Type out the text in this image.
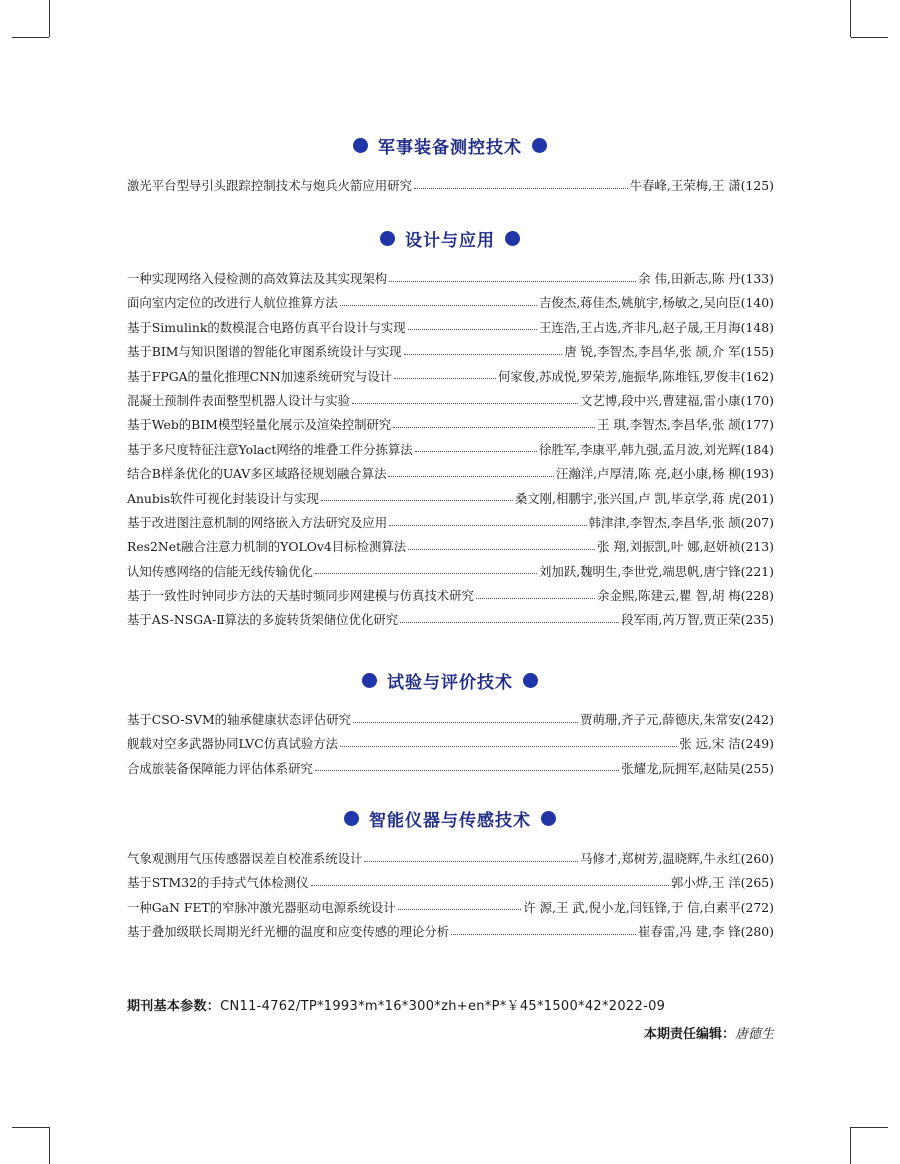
军事装备测控技术
激光平台型导引头跟踪控制技术与炮兵火箭应用研究	牛春峰,王荣梅,王 潇 (125)
设计与应用
一种实现网络入侵检测的高效算法及其实现架构	余 伟,田新志,陈 丹 (133)
面向室内定位的改进行人航位推算方法	吉俊杰,蒋佳杰,姚航宇,杨敏之,吴向臣 (140)
基于Simulink的数模混合电路仿真平台设计与实现	王连浩,王占选,齐非凡,赵子晟,王月海 (148)
基于BIM与知识图谱的智能化审图系统设计与实现	唐 锐,李智杰,李昌华,张 颉,介 军 (155)
基于FPGA的量化推理CNN加速系统研究与设计	何家俊,苏成悦,罗荣芳,施振华,陈堆钰,罗俊丰 (162)
混凝土预制件表面整型机器人设计与实验	文艺博,段中兴,曹建福,雷小康 (170)
基于Web的BIM模型轻量化展示及渲染控制研究	王 琪,李智杰,李昌华,张 颉 (177)
基于多尺度特征注意Yolact网络的堆叠工件分拣算法	徐胜军,李康平,韩九强,孟月波,刘光辉 (184)
结合B样条优化的UAV多区域路径规划融合算法	汪瀚洋,卢厚清,陈 亮,赵小康,杨 柳 (193)
Anubis软件可视化封装设计与实现	桑文刚,相鹏宇,张兴国,卢 凯,毕京学,蒋 虎 (201)
基于改进图注意机制的网络嵌入方法研究及应用	韩津津,李智杰,李昌华,张 颉 (207)
Res2Net融合注意力机制的YOLOv4目标检测算法	张 翔,刘振凯,叶 娜,赵妍祯 (213)
认知传感网络的信能无线传输优化	刘加跃,魏明生,李世党,端思帆,唐宁锋 (221)
基于一致性时钟同步方法的天基时频同步网建模与仿真技术研究	余金熙,陈建云,瞿 智,胡 梅 (228)
基于AS-NSGA-Ⅱ算法的多旋转货架储位优化研究	段军雨,芮万智,贾正荣 (235)
试验与评价技术
基于CSO-SVM的轴承健康状态评估研究	贾萌珊,齐子元,薛德庆,朱常安 (242)
舰载对空多武器协同LVC仿真试验方法	张 远,宋 洁 (249)
合成旅装备保障能力评估体系研究	张耀龙,阮拥军,赵陆昊 (255)
智能仪器与传感技术
气象观测用气压传感器误差自校准系统设计	马修才,郑树芳,温晓辉,牛永红 (260)
基于STM32的手持式气体检测仪	郭小烨,王 洋 (265)
一种GaN FET的窄脉冲激光器驱动电源系统设计	许 源,王 武,倪小龙,闫钰锋,于 信,白素平 (272)
基于叠加级联长周期光纤光栅的温度和应变传感的理论分析	崔春雷,冯 建,李 锋 (280)
期刊基本参数：CN11-4762/TP*1993*m*16*300*zh+en*P*￥45*1500*42*2022-09
本期责任编辑：唐德生
